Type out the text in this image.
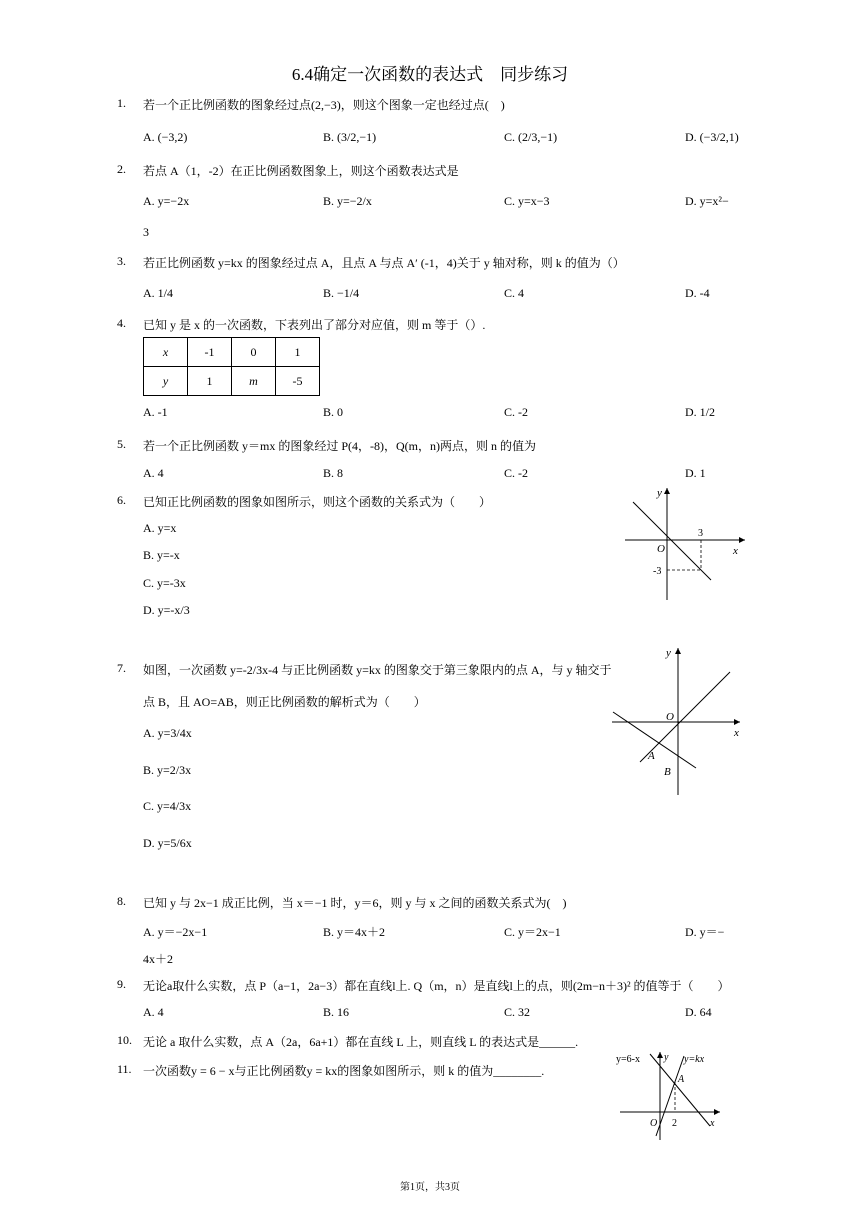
6.4确定一次函数的表达式　同步练习
1. 若一个正比例函数的图象经过点(2,−3)，则这个图象一定也经过点(　)
A. (−3,2)	B. (3/2,−1)	C. (2/3,−1)	D. (−3/2,1)
2. 若点 A（1，-2）在正比例函数图象上，则这个函数表达式是
A. y=−2x	B. y=−2/x	C. y=x−3	D. y=x²−
3
3. 若正比例函数 y=kx 的图象经过点 A，且点 A 与点 A′ (-1，4)关于 y 轴对称，则 k 的值为（）
A. 1/4	B. −1/4	C. 4	D. -4
4. 已知 y 是 x 的一次函数，下表列出了部分对应值，则 m 等于（）.
x	-1	0	1
y	1	m	-5
A. -1	B. 0	C. -2	D. 1/2
5. 若一个正比例函数 y＝mx 的图象经过 P(4，-8)，Q(m，n)两点，则 n 的值为
A. 4	B. 8	C. -2	D. 1
6. 已知正比例函数的图象如图所示，则这个函数的关系式为（　　）
A. y=x
B. y=-x
C. y=-3x
D. y=-x/3
y
x
O
3
-3
7. 如图，一次函数 y=-2/3x-4 与正比例函数 y=kx 的图象交于第三象限内的点 A，与 y 轴交于
点 B，且 AO=AB，则正比例函数的解析式为（　　）
A. y=3/4x
B. y=2/3x
C. y=4/3x
D. y=5/6x
y
x
O
A
B
8. 已知 y 与 2x−1 成正比例，当 x＝−1 时，y＝6，则 y 与 x 之间的函数关系式为(　)
A. y＝−2x−1	B. y＝4x＋2	C. y＝2x−1	D. y＝−
4x＋2
9. 无论a取什么实数，点 P（a−1，2a−3）都在直线l上. Q（m，n）是直线l上的点，则(2m−n＋3)² 的值等于（　　）
A. 4	B. 16	C. 32	D. 64
10. 无论 a 取什么实数，点 A（2a，6a+1）都在直线 L 上，则直线 L 的表达式是______.
11. 一次函数y = 6 − x与正比例函数y = kx的图象如图所示，则 k 的值为________.
y=6-x y y=kx
A
O 2	x
第1页，共3页
